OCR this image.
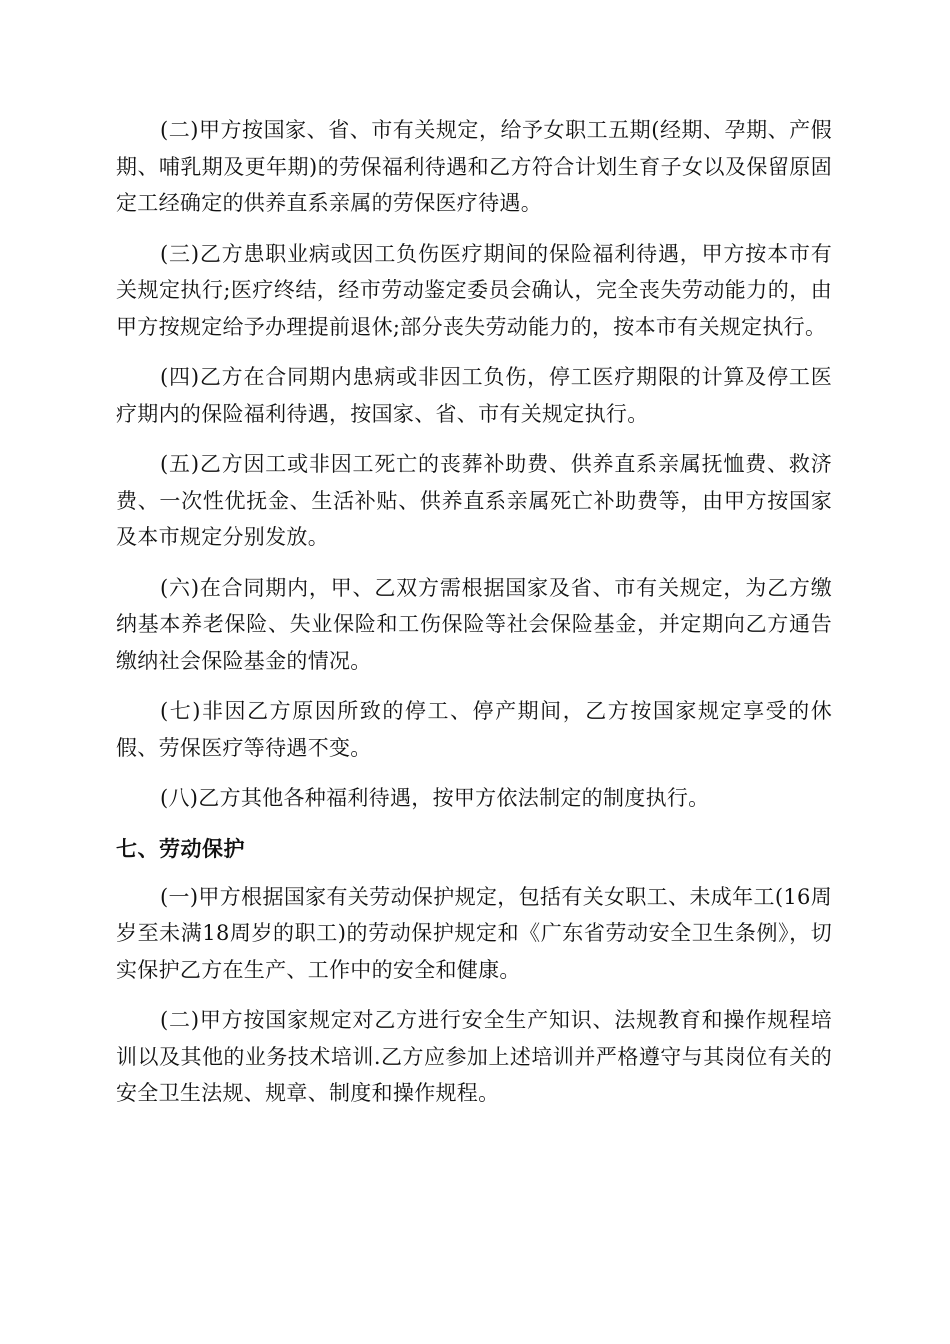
(二)甲方按国家、省、市有关规定，给予女职工五期(经期、孕期、产假期、哺乳期及更年期)的劳保福利待遇和乙方符合计划生育子女以及保留原固定工经确定的供养直系亲属的劳保医疗待遇。

(三)乙方患职业病或因工负伤医疗期间的保险福利待遇，甲方按本市有关规定执行;医疗终结，经市劳动鉴定委员会确认，完全丧失劳动能力的，由甲方按规定给予办理提前退休;部分丧失劳动能力的，按本市有关规定执行。

(四)乙方在合同期内患病或非因工负伤，停工医疗期限的计算及停工医疗期内的保险福利待遇，按国家、省、市有关规定执行。

(五)乙方因工或非因工死亡的丧葬补助费、供养直系亲属抚恤费、救济费、一次性优抚金、生活补贴、供养直系亲属死亡补助费等，由甲方按国家及本市规定分别发放。

(六)在合同期内，甲、乙双方需根据国家及省、市有关规定，为乙方缴纳基本养老保险、失业保险和工伤保险等社会保险基金，并定期向乙方通告缴纳社会保险基金的情况。

(七)非因乙方原因所致的停工、停产期间，乙方按国家规定享受的休假、劳保医疗等待遇不变。

(八)乙方其他各种福利待遇，按甲方依法制定的制度执行。

七、劳动保护

(一)甲方根据国家有关劳动保护规定，包括有关女职工、未成年工(16周岁至未满18周岁的职工)的劳动保护规定和《广东省劳动安全卫生条例》，切实保护乙方在生产、工作中的安全和健康。

(二)甲方按国家规定对乙方进行安全生产知识、法规教育和操作规程培训以及其他的业务技术培训.乙方应参加上述培训并严格遵守与其岗位有关的安全卫生法规、规章、制度和操作规程。
